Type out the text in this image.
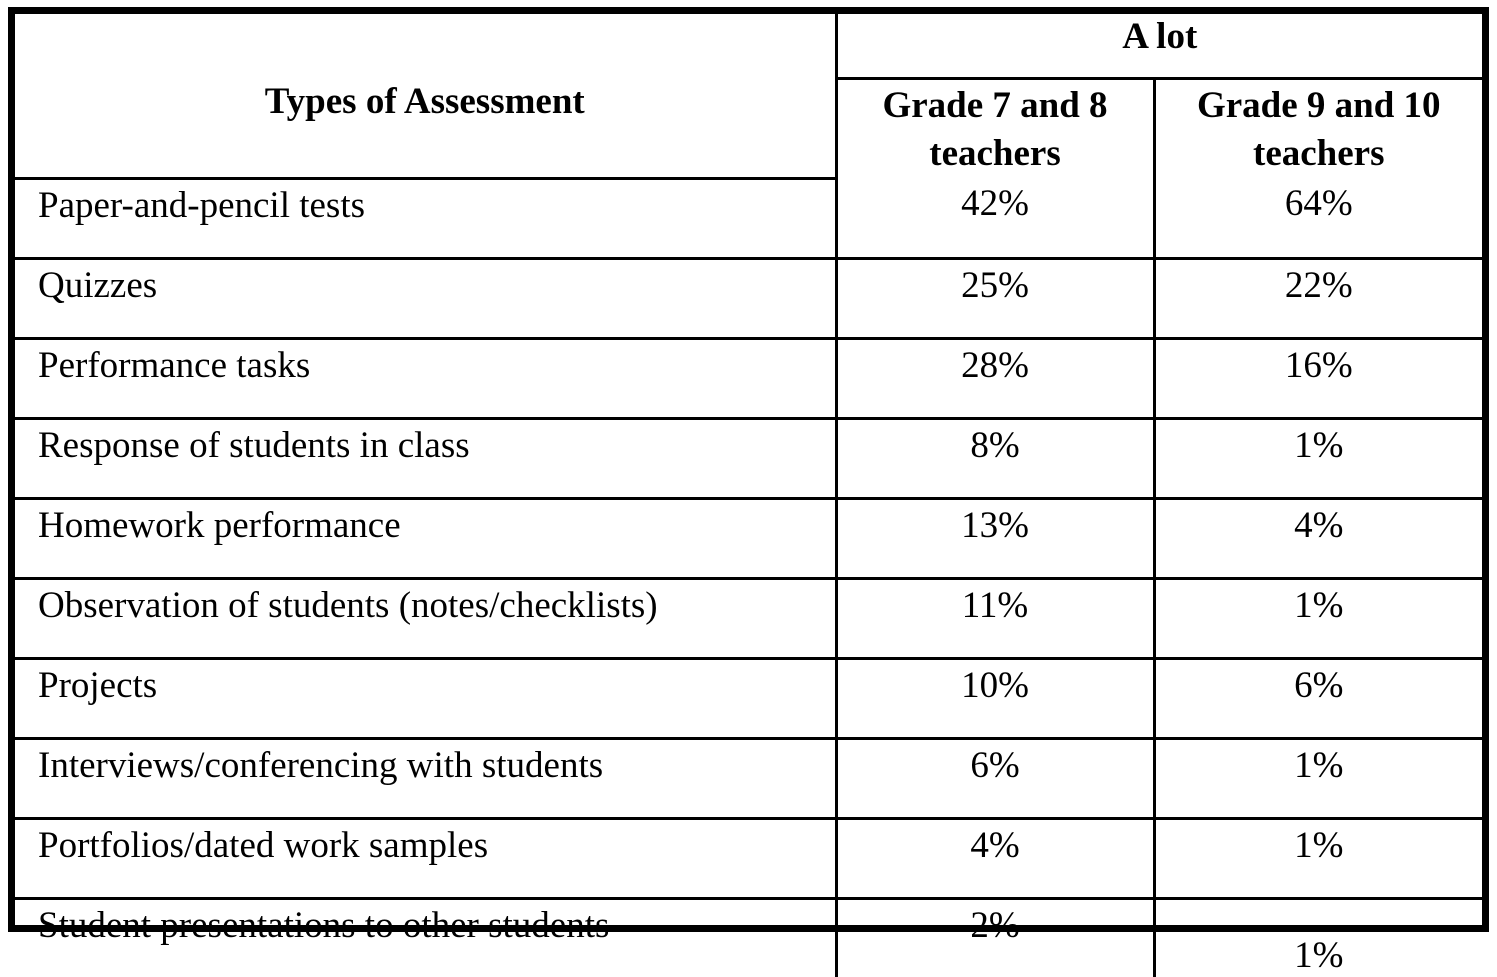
Types of Assessment	A lot	
	Grade 7 and 8 teachers	Grade 9 and 10 teachers
Paper-and-pencil tests	42%	64%
Quizzes	25%	22%
Performance tasks	28%	16%
Response of students in class	8%	1%
Homework performance	13%	4%
Observation of students (notes/checklists)	11%	1%
Projects	10%	6%
Interviews/conferencing with students	6%	1%
Portfolios/dated work samples	4%	1%
Student presentations to other students	2%	1%
